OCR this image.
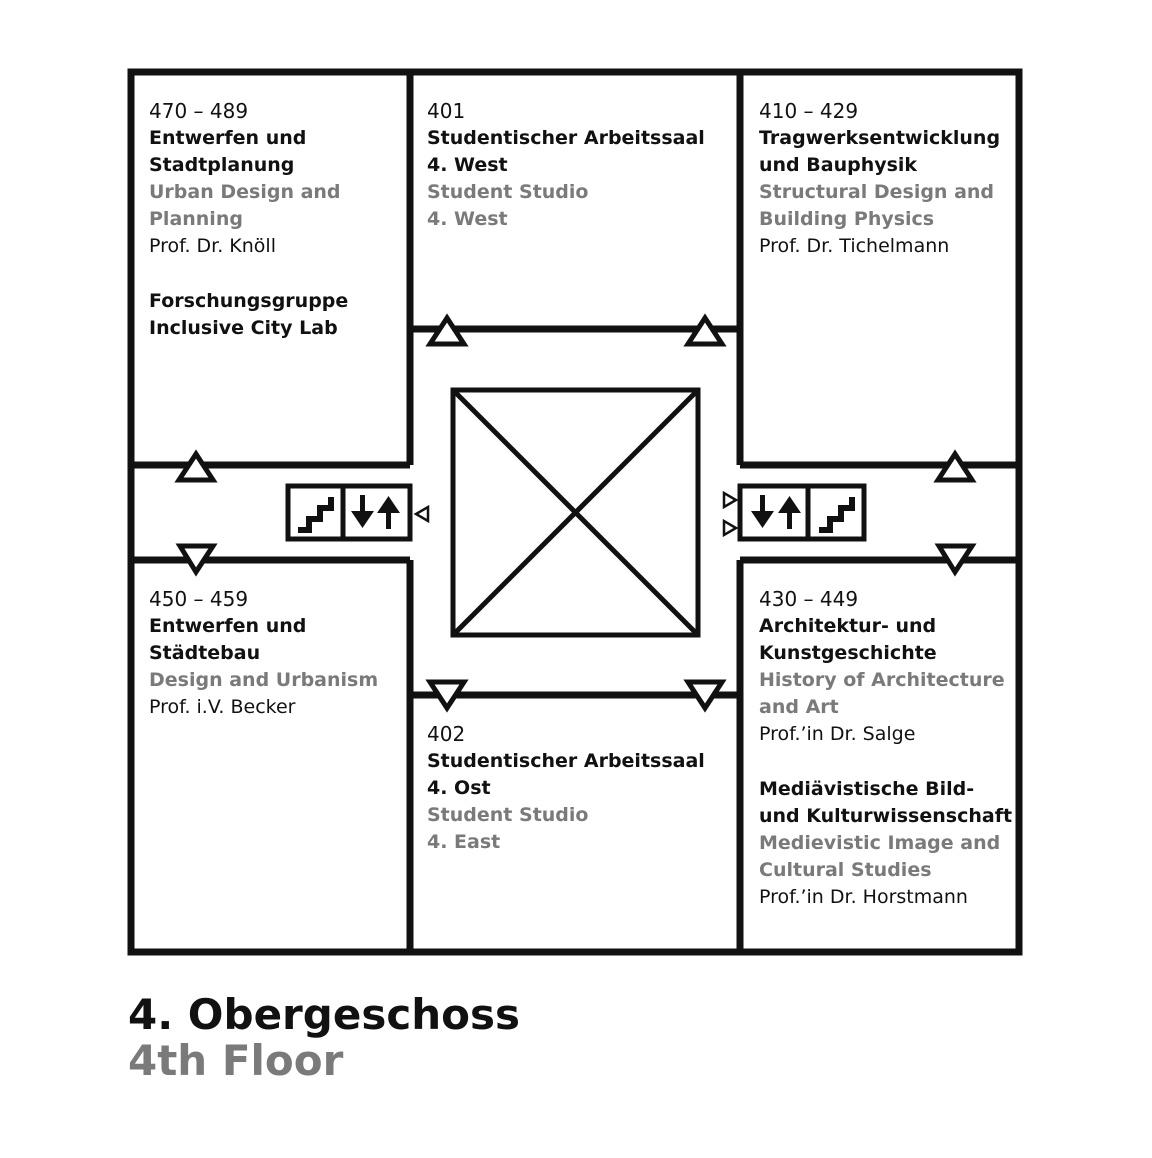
470 – 489
Entwerfen und
Stadtplanung
Urban Design and
Planning
Prof. Dr. Knöll
Forschungsgruppe
Inclusive City Lab
401
Studentischer Arbeitssaal
4. West
Student Studio
4. West
410 – 429
Tragwerksentwicklung
und Bauphysik
Structural Design and
Building Physics
Prof. Dr. Tichelmann
450 – 459
Entwerfen und
Städtebau
Design and Urbanism
Prof. i.V. Becker
402
Studentischer Arbeitssaal
4. Ost
Student Studio
4. East
430 – 449
Architektur- und
Kunstgeschichte
History of Architecture
and Art
Prof.’in Dr. Salge
Mediävistische Bild-
und Kulturwissenschaft
Medievistic Image and
Cultural Studies
Prof.’in Dr. Horstmann
4. Obergeschoss
4th Floor
